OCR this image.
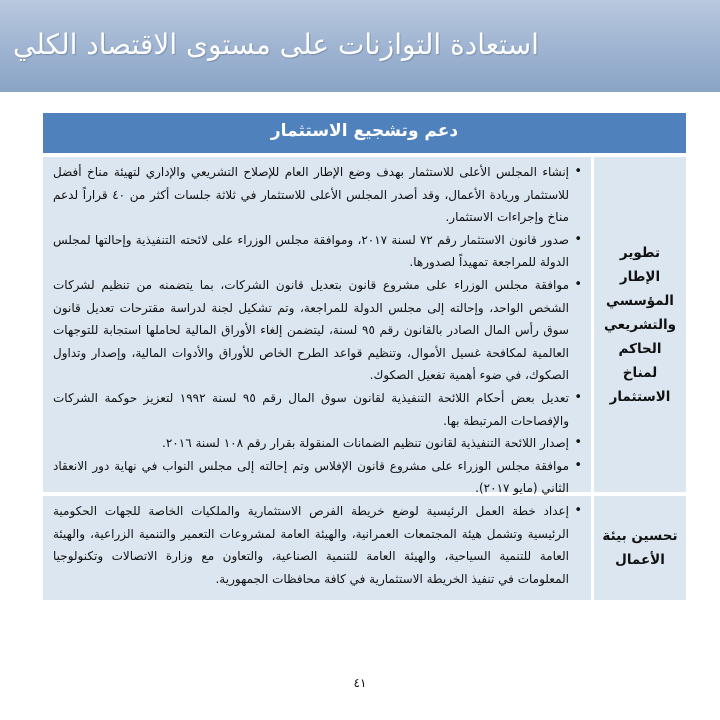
استعادة التوازنات على مستوى الاقتصاد الكلي
دعم وتشجيع الاستثمار
تطوير الإطار المؤسسي والتشريعي الحاكم لمناخ الاستثمار
• إنشاء المجلس الأعلى للاستثمار بهدف وضع الإطار العام للإصلاح التشريعي والإداري لتهيئة مناخ أفضل للاستثمار وريادة الأعمال، وقد أصدر المجلس الأعلى للاستثمار في ثلاثة جلسات أكثر من ٤٠ قراراً لدعم مناخ وإجراءات الاستثمار.
• صدور قانون الاستثمار رقم ٧٢ لسنة ٢٠١٧، وموافقة مجلس الوزراء على لائحته التنفيذية وإحالتها لمجلس الدولة للمراجعة تمهيداً لصدورها.
• موافقة مجلس الوزراء على مشروع قانون بتعديل قانون الشركات، بما يتضمنه من تنظيم لشركات الشخص الواحد، وإحالته إلى مجلس الدولة للمراجعة، وتم تشكيل لجنة لدراسة مقترحات تعديل قانون سوق رأس المال الصادر بالقانون رقم ٩٥ لسنة، ليتضمن إلغاء الأوراق المالية لحاملها استجابة للتوجهات العالمية لمكافحة غسيل الأموال، وتنظيم قواعد الطرح الخاص للأوراق والأدوات المالية، وإصدار وتداول الصكوك، في ضوء أهمية تفعيل الصكوك.
• تعديل بعض أحكام اللائحة التنفيذية لقانون سوق المال رقم ٩٥ لسنة ١٩٩٢ لتعزيز حوكمة الشركات والإفصاحات المرتبطة بها.
• إصدار اللائحة التنفيذية لقانون تنظيم الضمانات المنقولة بقرار رقم ١٠٨ لسنة ٢٠١٦.
• موافقة مجلس الوزراء على مشروع قانون الإفلاس وتم إحالته إلى مجلس النواب في نهاية دور الانعقاد الثاني (مايو ٢٠١٧).
تحسين بيئة الأعمال
• إعداد خطة العمل الرئيسية لوضع خريطة الفرص الاستثمارية والملكيات الخاصة للجهات الحكومية الرئيسية وتشمل هيئة المجتمعات العمرانية، والهيئة العامة لمشروعات التعمير والتنمية الزراعية، والهيئة العامة للتنمية السياحية، والهيئة العامة للتنمية الصناعية، والتعاون مع وزارة الاتصالات وتكنولوجيا المعلومات في تنفيذ الخريطة الاستثمارية في كافة محافظات الجمهورية.
٤١
